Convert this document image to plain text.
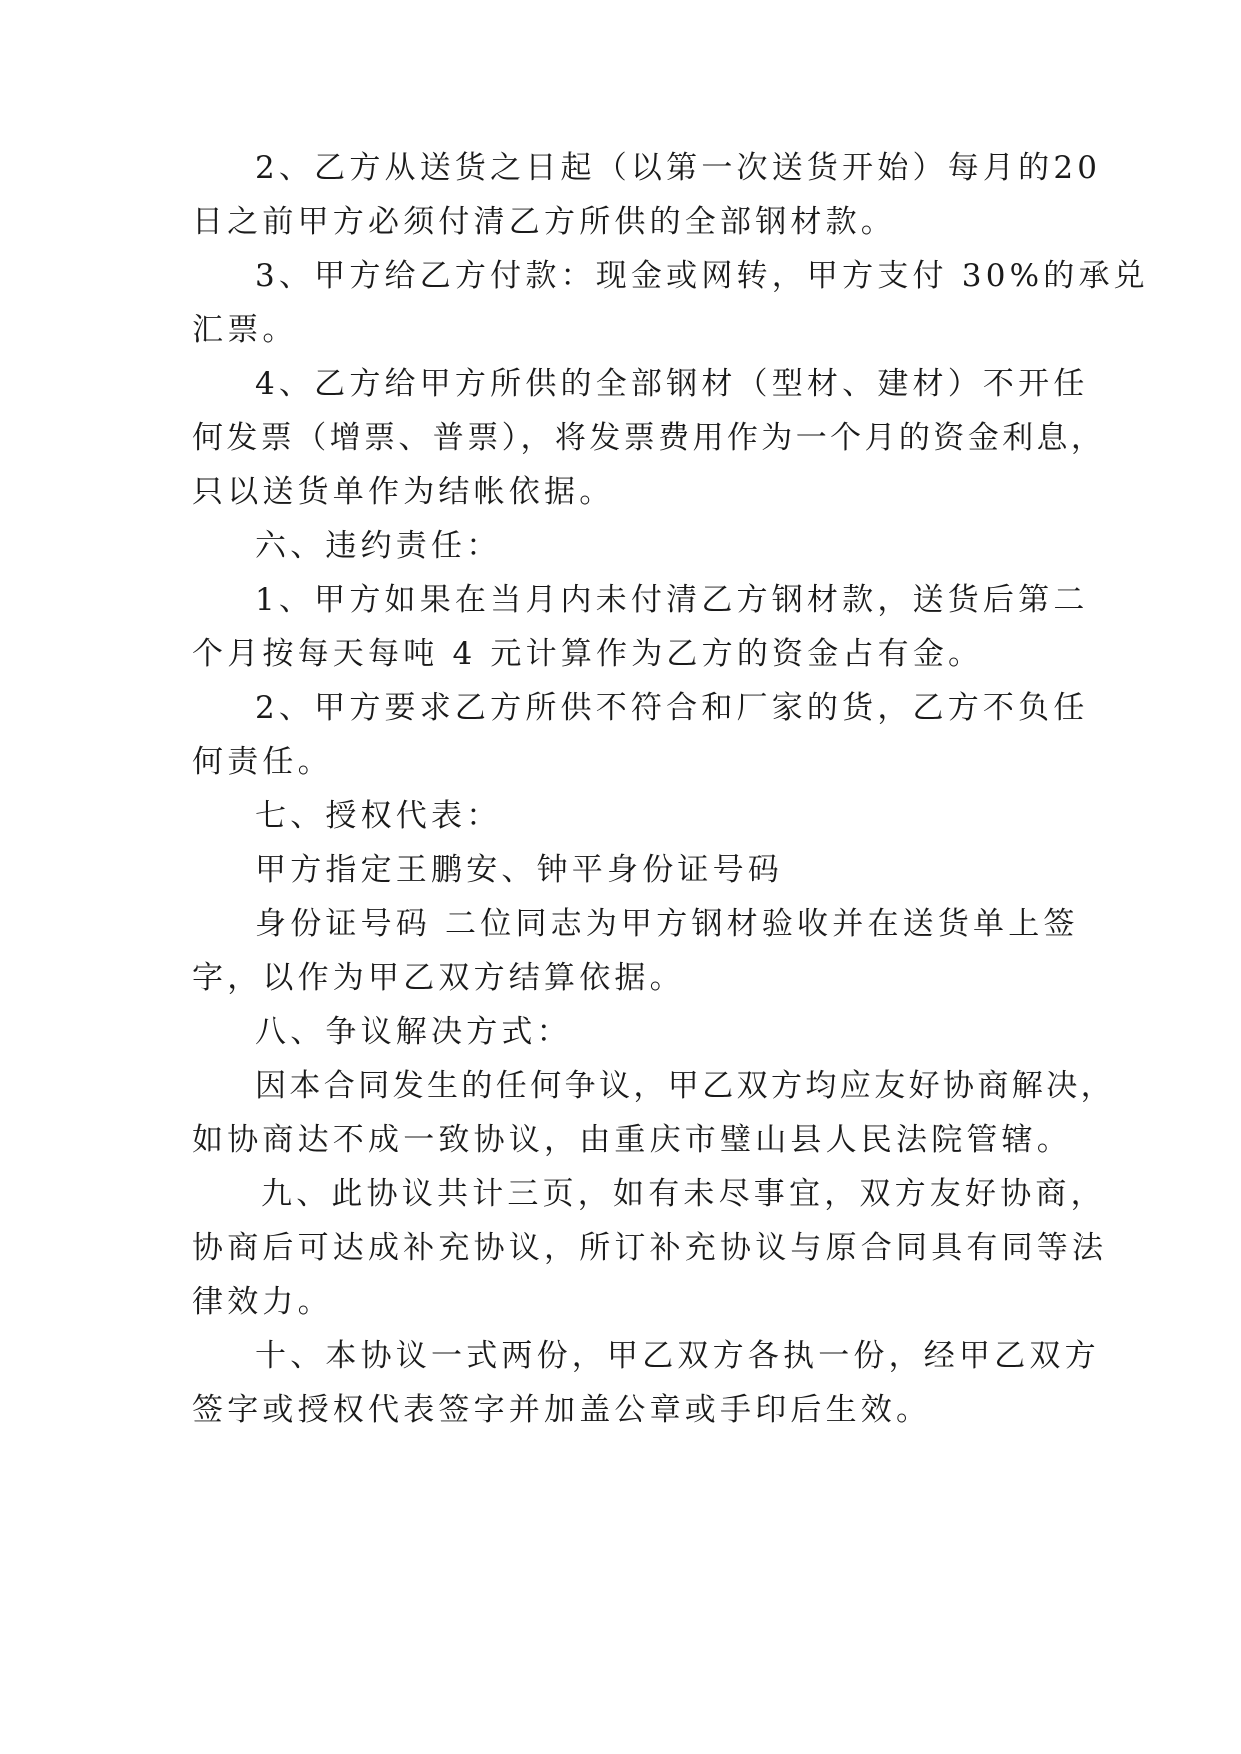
2、乙方从送货之日起（以第一次送货开始）每月的20
日之前甲方必须付清乙方所供的全部钢材款。
3、甲方给乙方付款：现金或网转，甲方支付 30%的承兑
汇票。
4、乙方给甲方所供的全部钢材（型材、建材）不开任
何发票（增票、普票），将发票费用作为一个月的资金利息，
只以送货单作为结帐依据。
六、违约责任：
1、甲方如果在当月内未付清乙方钢材款，送货后第二
个月按每天每吨 4 元计算作为乙方的资金占有金。
2、甲方要求乙方所供不符合和厂家的货，乙方不负任
何责任。
七、授权代表：
甲方指定王鹏安、钟平身份证号码
身份证号码 二位同志为甲方钢材验收并在送货单上签
字，以作为甲乙双方结算依据。
八、争议解决方式：
因本合同发生的任何争议，甲乙双方均应友好协商解决，
如协商达不成一致协议，由重庆市璧山县人民法院管辖。
九、此协议共计三页，如有未尽事宜，双方友好协商，
协商后可达成补充协议，所订补充协议与原合同具有同等法
律效力。
十、本协议一式两份，甲乙双方各执一份，经甲乙双方
签字或授权代表签字并加盖公章或手印后生效。
